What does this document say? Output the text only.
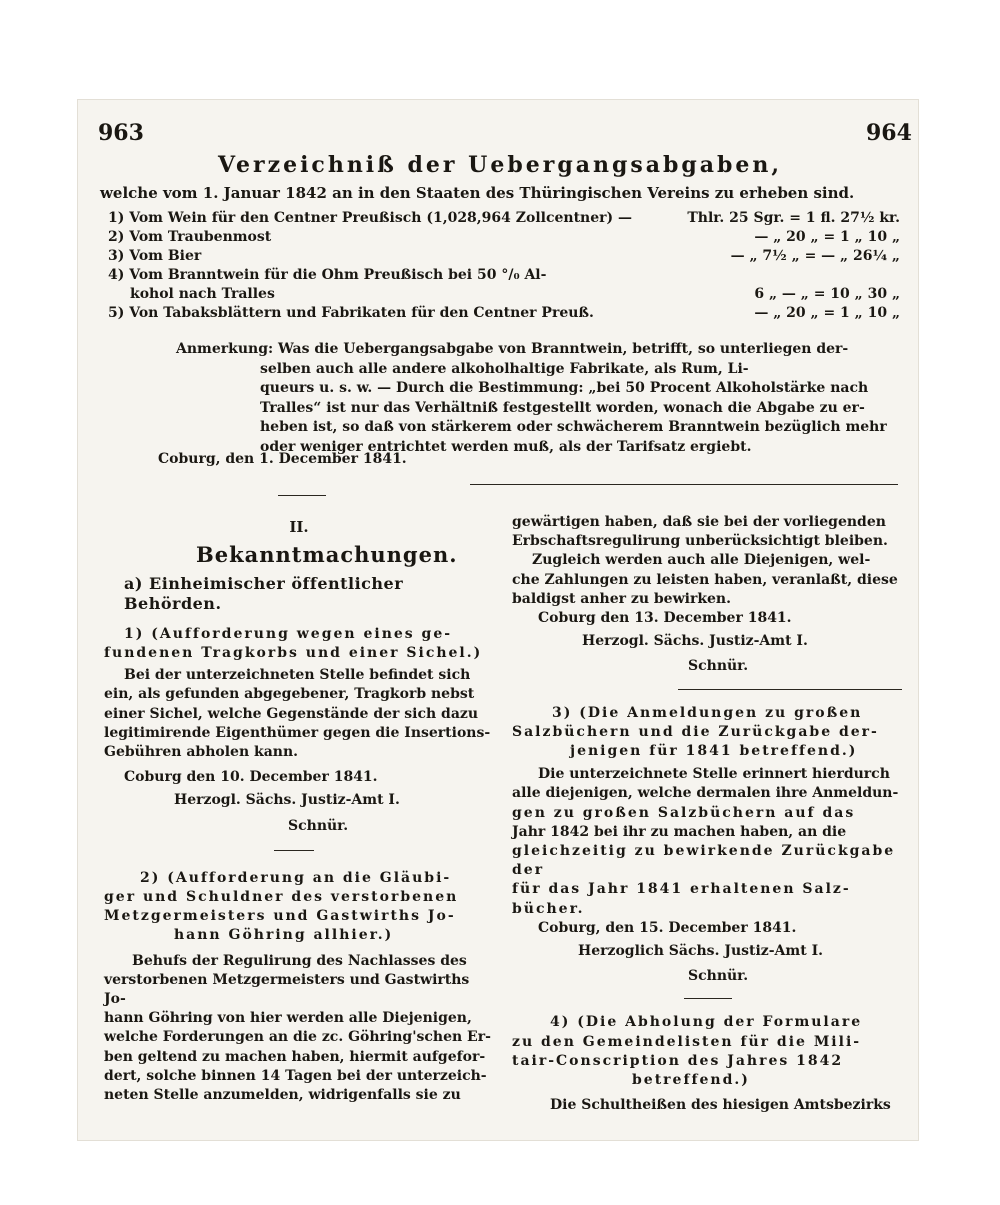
963	964
Verzeichniß der Uebergangsabgaben,
welche vom 1. Januar 1842 an in den Staaten des Thüringischen Vereins zu erheben sind.
1) Vom Wein für den Centner Preußisch (1,028,964 Zollcentner) —	Thlr. 25 Sgr. = 1 fl. 27½ kr.
2) Vom Traubenmost	— „ 20 „ = 1 „ 10 „
3) Vom Bier	— „ 7½ „ = — „ 26¼ „
4) Vom Branntwein für die Ohm Preußisch bei 50 °/₀ Al-
kohol nach Tralles	6 „ — „ = 10 „ 30 „
5) Von Tabaksblättern und Fabrikaten für den Centner Preuß.	— „ 20 „ = 1 „ 10 „
Anmerkung: Was die Uebergangsabgabe von Branntwein, betrifft, so unterliegen der-
selben auch alle andere alkoholhaltige Fabrikate, als Rum, Li-
queurs u. s. w. — Durch die Bestimmung: „bei 50 Procent Alkoholstärke nach
Tralles“ ist nur das Verhältniß festgestellt worden, wonach die Abgabe zu er-
heben ist, so daß von stärkerem oder schwächerem Branntwein bezüglich mehr
oder weniger entrichtet werden muß, als der Tarifsatz ergiebt.
Coburg, den 1. December 1841.
II.
Bekanntmachungen.
a) Einheimischer öffentlicher Behörden.
1) (Aufforderung wegen eines ge-
fundenen Tragkorbs und einer Sichel.)
Bei der unterzeichneten Stelle befindet sich
ein, als gefunden abgegebener, Tragkorb nebst
einer Sichel, welche Gegenstände der sich dazu
legitimirende Eigenthümer gegen die Insertions-
Gebühren abholen kann.
Coburg den 10. December 1841.
Herzogl. Sächs. Justiz-Amt I.
Schnür.
2) (Aufforderung an die Gläubi-
ger und Schuldner des verstorbenen
Metzgermeisters und Gastwirths Jo-
hann Göhring allhier.)
Behufs der Regulirung des Nachlasses des
verstorbenen Metzgermeisters und Gastwirths Jo-
hann Göhring von hier werden alle Diejenigen,
welche Forderungen an die zc. Göhring'schen Er-
ben geltend zu machen haben, hiermit aufgefor-
dert, solche binnen 14 Tagen bei der unterzeich-
neten Stelle anzumelden, widrigenfalls sie zu
gewärtigen haben, daß sie bei der vorliegenden
Erbschaftsregulirung unberücksichtigt bleiben.
Zugleich werden auch alle Diejenigen, wel-
che Zahlungen zu leisten haben, veranlaßt, diese
baldigst anher zu bewirken.
Coburg den 13. December 1841.
Herzogl. Sächs. Justiz-Amt I.
Schnür.
3) (Die Anmeldungen zu großen
Salzbüchern und die Zurückgabe der-
jenigen für 1841 betreffend.)
Die unterzeichnete Stelle erinnert hierdurch
alle diejenigen, welche dermalen ihre Anmeldun-
gen zu großen Salzbüchern auf das
Jahr 1842 bei ihr zu machen haben, an die
gleichzeitig zu bewirkende Zurückgabe der
für das Jahr 1841 erhaltenen Salz-
bücher.
Coburg, den 15. December 1841.
Herzoglich Sächs. Justiz-Amt I.
Schnür.
4) (Die Abholung der Formulare
zu den Gemeindelisten für die Mili-
tair-Conscription des Jahres 1842
betreffend.)
Die Schultheißen des hiesigen Amtsbezirks
